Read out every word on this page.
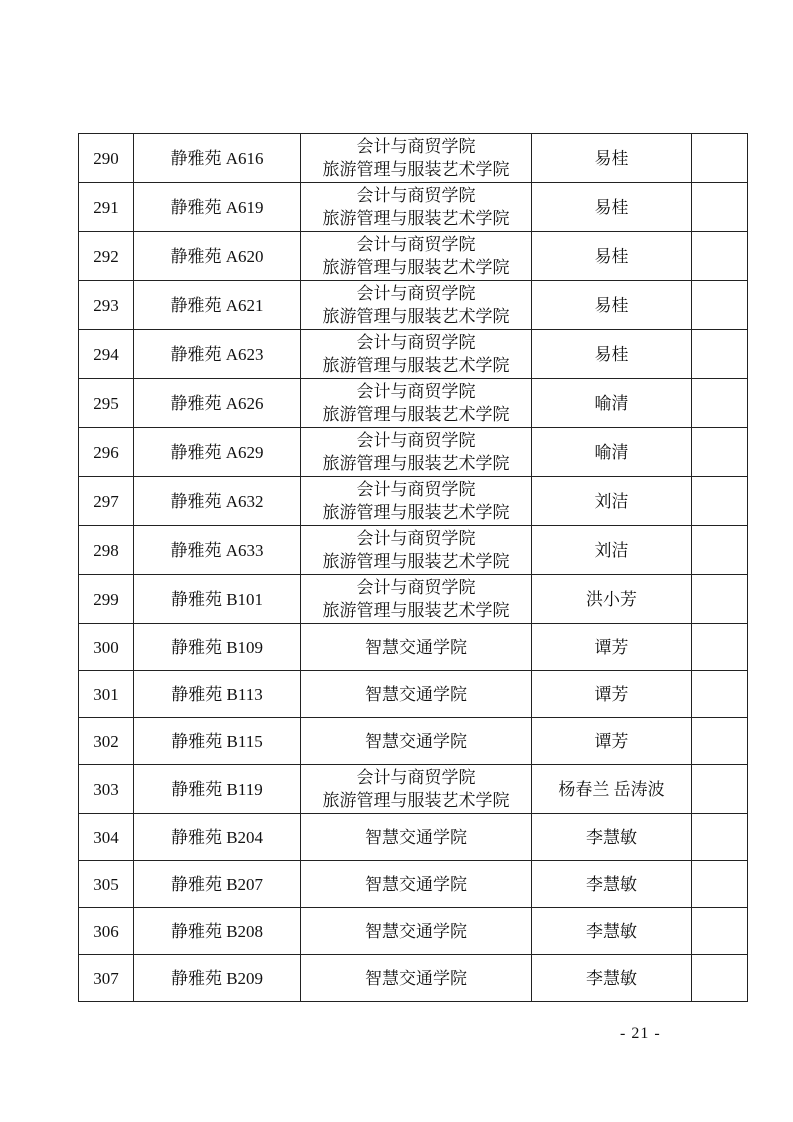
290	静雅苑 A616	会计与商贸学院
旅游管理与服装艺术学院	易桂	
291	静雅苑 A619	会计与商贸学院
旅游管理与服装艺术学院	易桂	
292	静雅苑 A620	会计与商贸学院
旅游管理与服装艺术学院	易桂	
293	静雅苑 A621	会计与商贸学院
旅游管理与服装艺术学院	易桂	
294	静雅苑 A623	会计与商贸学院
旅游管理与服装艺术学院	易桂	
295	静雅苑 A626	会计与商贸学院
旅游管理与服装艺术学院	喻清	
296	静雅苑 A629	会计与商贸学院
旅游管理与服装艺术学院	喻清	
297	静雅苑 A632	会计与商贸学院
旅游管理与服装艺术学院	刘洁	
298	静雅苑 A633	会计与商贸学院
旅游管理与服装艺术学院	刘洁	
299	静雅苑 B101	会计与商贸学院
旅游管理与服装艺术学院	洪小芳	
300	静雅苑 B109	智慧交通学院	谭芳	
301	静雅苑 B113	智慧交通学院	谭芳	
302	静雅苑 B115	智慧交通学院	谭芳	
303	静雅苑 B119	会计与商贸学院
旅游管理与服装艺术学院	杨春兰 岳涛波	
304	静雅苑 B204	智慧交通学院	李慧敏	
305	静雅苑 B207	智慧交通学院	李慧敏	
306	静雅苑 B208	智慧交通学院	李慧敏	
307	静雅苑 B209	智慧交通学院	李慧敏	
- 21 -
